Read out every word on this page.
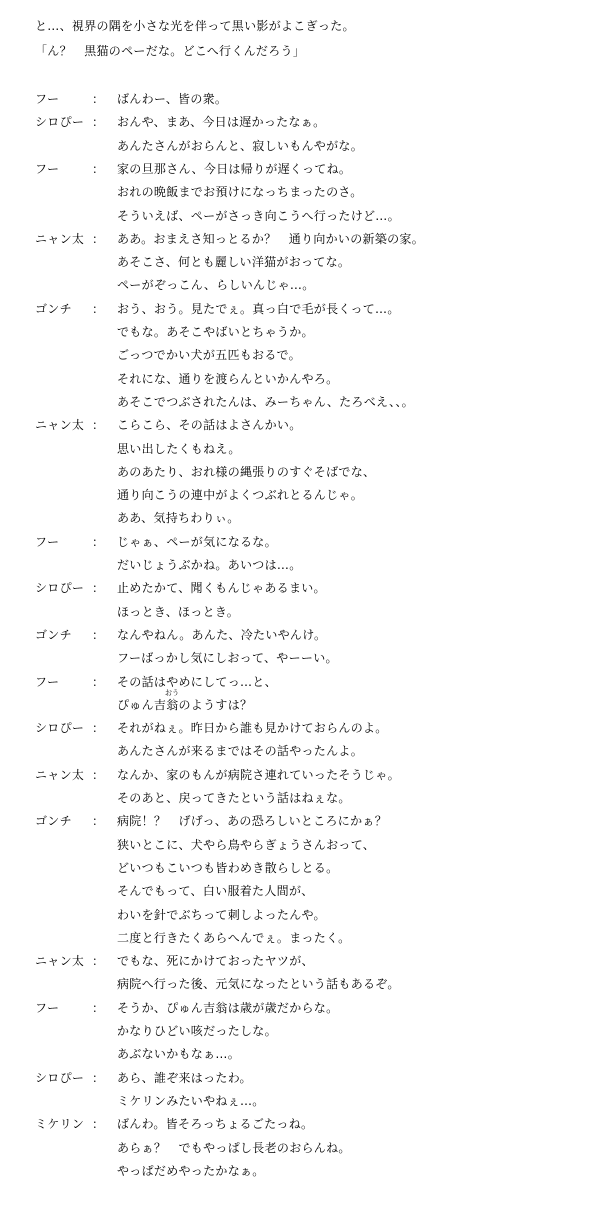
と…、視界の隅を小さな光を伴って黒い影がよこぎった。
「ん？　黒猫のペーだな。どこへ行くんだろう」
フー	： ばんわー、皆の衆。
シロぴー ： おんや、まあ、今日は遅かったなぁ。
あんたさんがおらんと、寂しいもんやがな。
フー	： 家の旦那さん、今日は帰りが遅くってね。
おれの晩飯までお預けになっちまったのさ。
そういえば、ペーがさっき向こうへ行ったけど…。
ニャン太 ： ああ。おまえさ知っとるか？　通り向かいの新築の家。
あそこさ、何とも麗しい洋猫がおってな。
ペーがぞっこん、らしいんじゃ…。
ゴンチ ： おう、おう。見たでぇ。真っ白で毛が長くって…。
でもな。あそこやばいとちゃうか。
ごっつでかい犬が五匹もおるで。
それにな、通りを渡らんといかんやろ。
あそこでつぶされたんは、みーちゃん、たろべえ、、。
ニャン太 ： こらこら、その話はよさんかい。
思い出したくもねえ。
あのあたり、おれ様の縄張りのすぐそばでな、
通り向こうの連中がよくつぶれとるんじゃ。
ああ、気持ちわりぃ。
フー	： じゃぁ、ペーが気になるな。
だいじょうぶかね。あいつは…。
シロぴー ： 止めたかて、聞くもんじゃあるまい。
ほっとき、ほっとき。
ゴンチ ： なんやねん。あんた、冷たいやんけ。
フーばっかし気にしおって、やーーい。
フー	： その話はやめにしてっ…と、
ぴゅん吉翁のようすは？
シロぴー ： それがねぇ。昨日から誰も見かけておらんのよ。
あんたさんが来るまではその話やったんよ。
ニャン太 ： なんか、家のもんが病院さ連れていったそうじゃ。
そのあと、戻ってきたという話はねぇな。
ゴンチ ： 病院！？　げげっ、あの恐ろしいところにかぁ？
狭いとこに、犬やら鳥やらぎょうさんおって、
どいつもこいつも皆わめき散らしとる。
そんでもって、白い服着た人間が、
わいを針でぶちって刺しよったんや。
二度と行きたくあらへんでぇ。まったく。
ニャン太 ： でもな、死にかけておったヤツが、
病院へ行った後、元気になったという話もあるぞ。
フー	： そうか、ぴゅん吉翁は歳が歳だからな。
かなりひどい咳だったしな。
あぶないかもなぁ…。
シロぴー ： あら、誰ぞ来はったわ。
ミケリンみたいやねぇ…。
ミケリン ： ばんわ。皆そろっちょるごたっね。
あらぁ？　でもやっぱし長老のおらんね。
やっぱだめやったかなぁ。
おう
